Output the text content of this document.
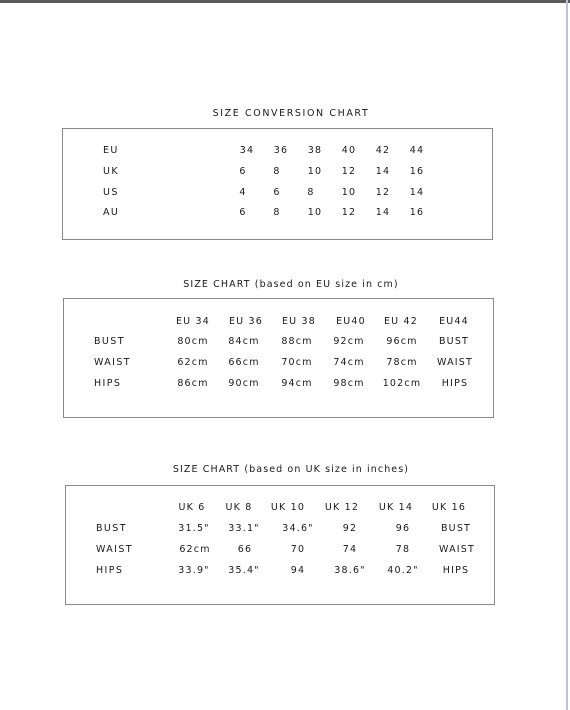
SIZE CONVERSION CHART
EU	34 36 38 40 42 44
UK	6	8	10 12 14 16
US	4	6	8	10 12 14
AU	6	8	10 12 14 16
SIZE CHART (based on EU size in cm)
EU 34 EU 36 EU 38 EU40 EU 42 EU44
BUST	80cm 84cm 88cm 92cm 96cm BUST
WAIST	62cm 66cm 70cm 74cm 78cm WAIST
HIPS	86cm 90cm 94cm 98cm 102cm HIPS
SIZE CHART (based on UK size in inches)
UK 6 UK 8 UK 10 UK 12 UK 14 UK 16
BUST	31.5" 33.1" 34.6"	92	96	BUST
WAIST	62cm	66	70	74	78	WAIST
HIPS	33.9" 35.4"	94	38.6" 40.2"	HIPS
